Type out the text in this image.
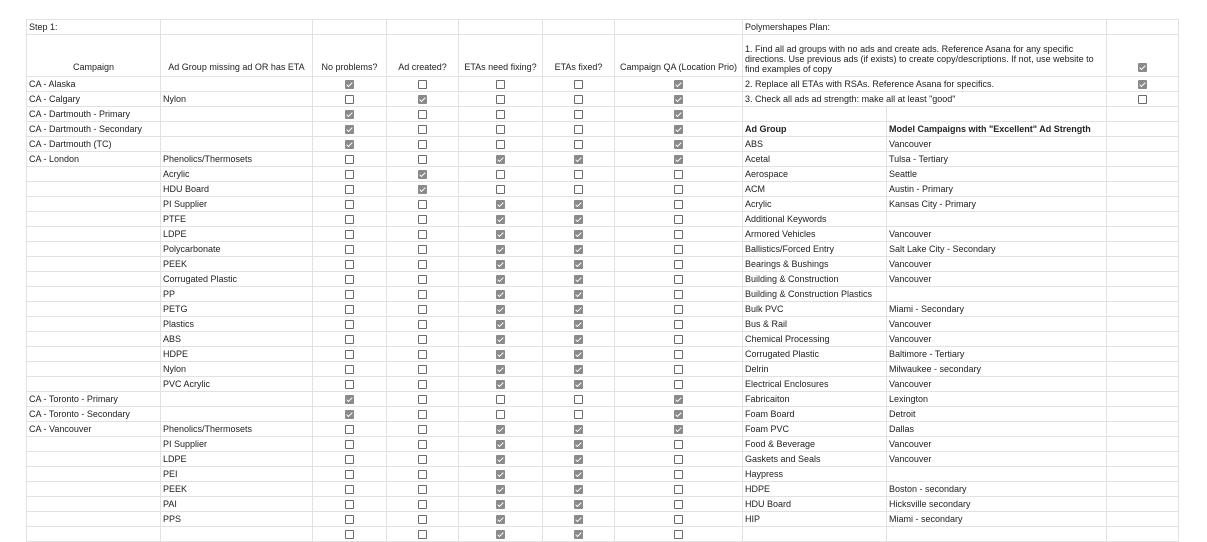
Step 1:							Polymershapes Plan:		
Campaign	Ad Group missing ad OR has ETA	No problems?	Ad created?	ETAs need fixing?	ETAs fixed?	Campaign QA (Location Prio)	1. Find all ad groups with no ads and create ads. Reference Asana for any specific directions. Use previous ads (if exists) to create copy/descriptions. If not, use website to find examples of copy		
CA - Alaska							2. Replace all ETAs with RSAs. Reference Asana for specifics.		
CA - Calgary	Nylon						3. Check all ads ad strength: make all at least "good"		
CA - Dartmouth - Primary									
CA - Dartmouth - Secondary							Ad Group	Model Campaigns with "Excellent" Ad Strength	
CA - Dartmouth (TC)							ABS	Vancouver	
CA - London	Phenolics/Thermosets						Acetal	Tulsa - Tertiary	
	Acrylic						Aerospace	Seattle	
	HDU Board						ACM	Austin - Primary	
	PI Supplier						Acrylic	Kansas City - Primary	
	PTFE						Additional Keywords		
	LDPE						Armored Vehicles	Vancouver	
	Polycarbonate						Ballistics/Forced Entry	Salt Lake City - Secondary	
	PEEK						Bearings & Bushings	Vancouver	
	Corrugated Plastic						Building & Construction	Vancouver	
	PP						Building & Construction Plastics		
	PETG						Bulk PVC	Miami - Secondary	
	Plastics						Bus & Rail	Vancouver	
	ABS						Chemical Processing	Vancouver	
	HDPE						Corrugated Plastic	Baltimore - Tertiary	
	Nylon						Delrin	Milwaukee - secondary	
	PVC Acrylic						Electrical Enclosures	Vancouver	
CA - Toronto - Primary							Fabricaiton	Lexington	
CA - Toronto - Secondary							Foam Board	Detroit	
CA - Vancouver	Phenolics/Thermosets						Foam PVC	Dallas	
	PI Supplier						Food & Beverage	Vancouver	
	LDPE						Gaskets and Seals	Vancouver	
	PEI						Haypress		
	PEEK						HDPE	Boston - secondary	
	PAI						HDU Board	Hicksville secondary	
	PPS						HIP	Miami - secondary	
